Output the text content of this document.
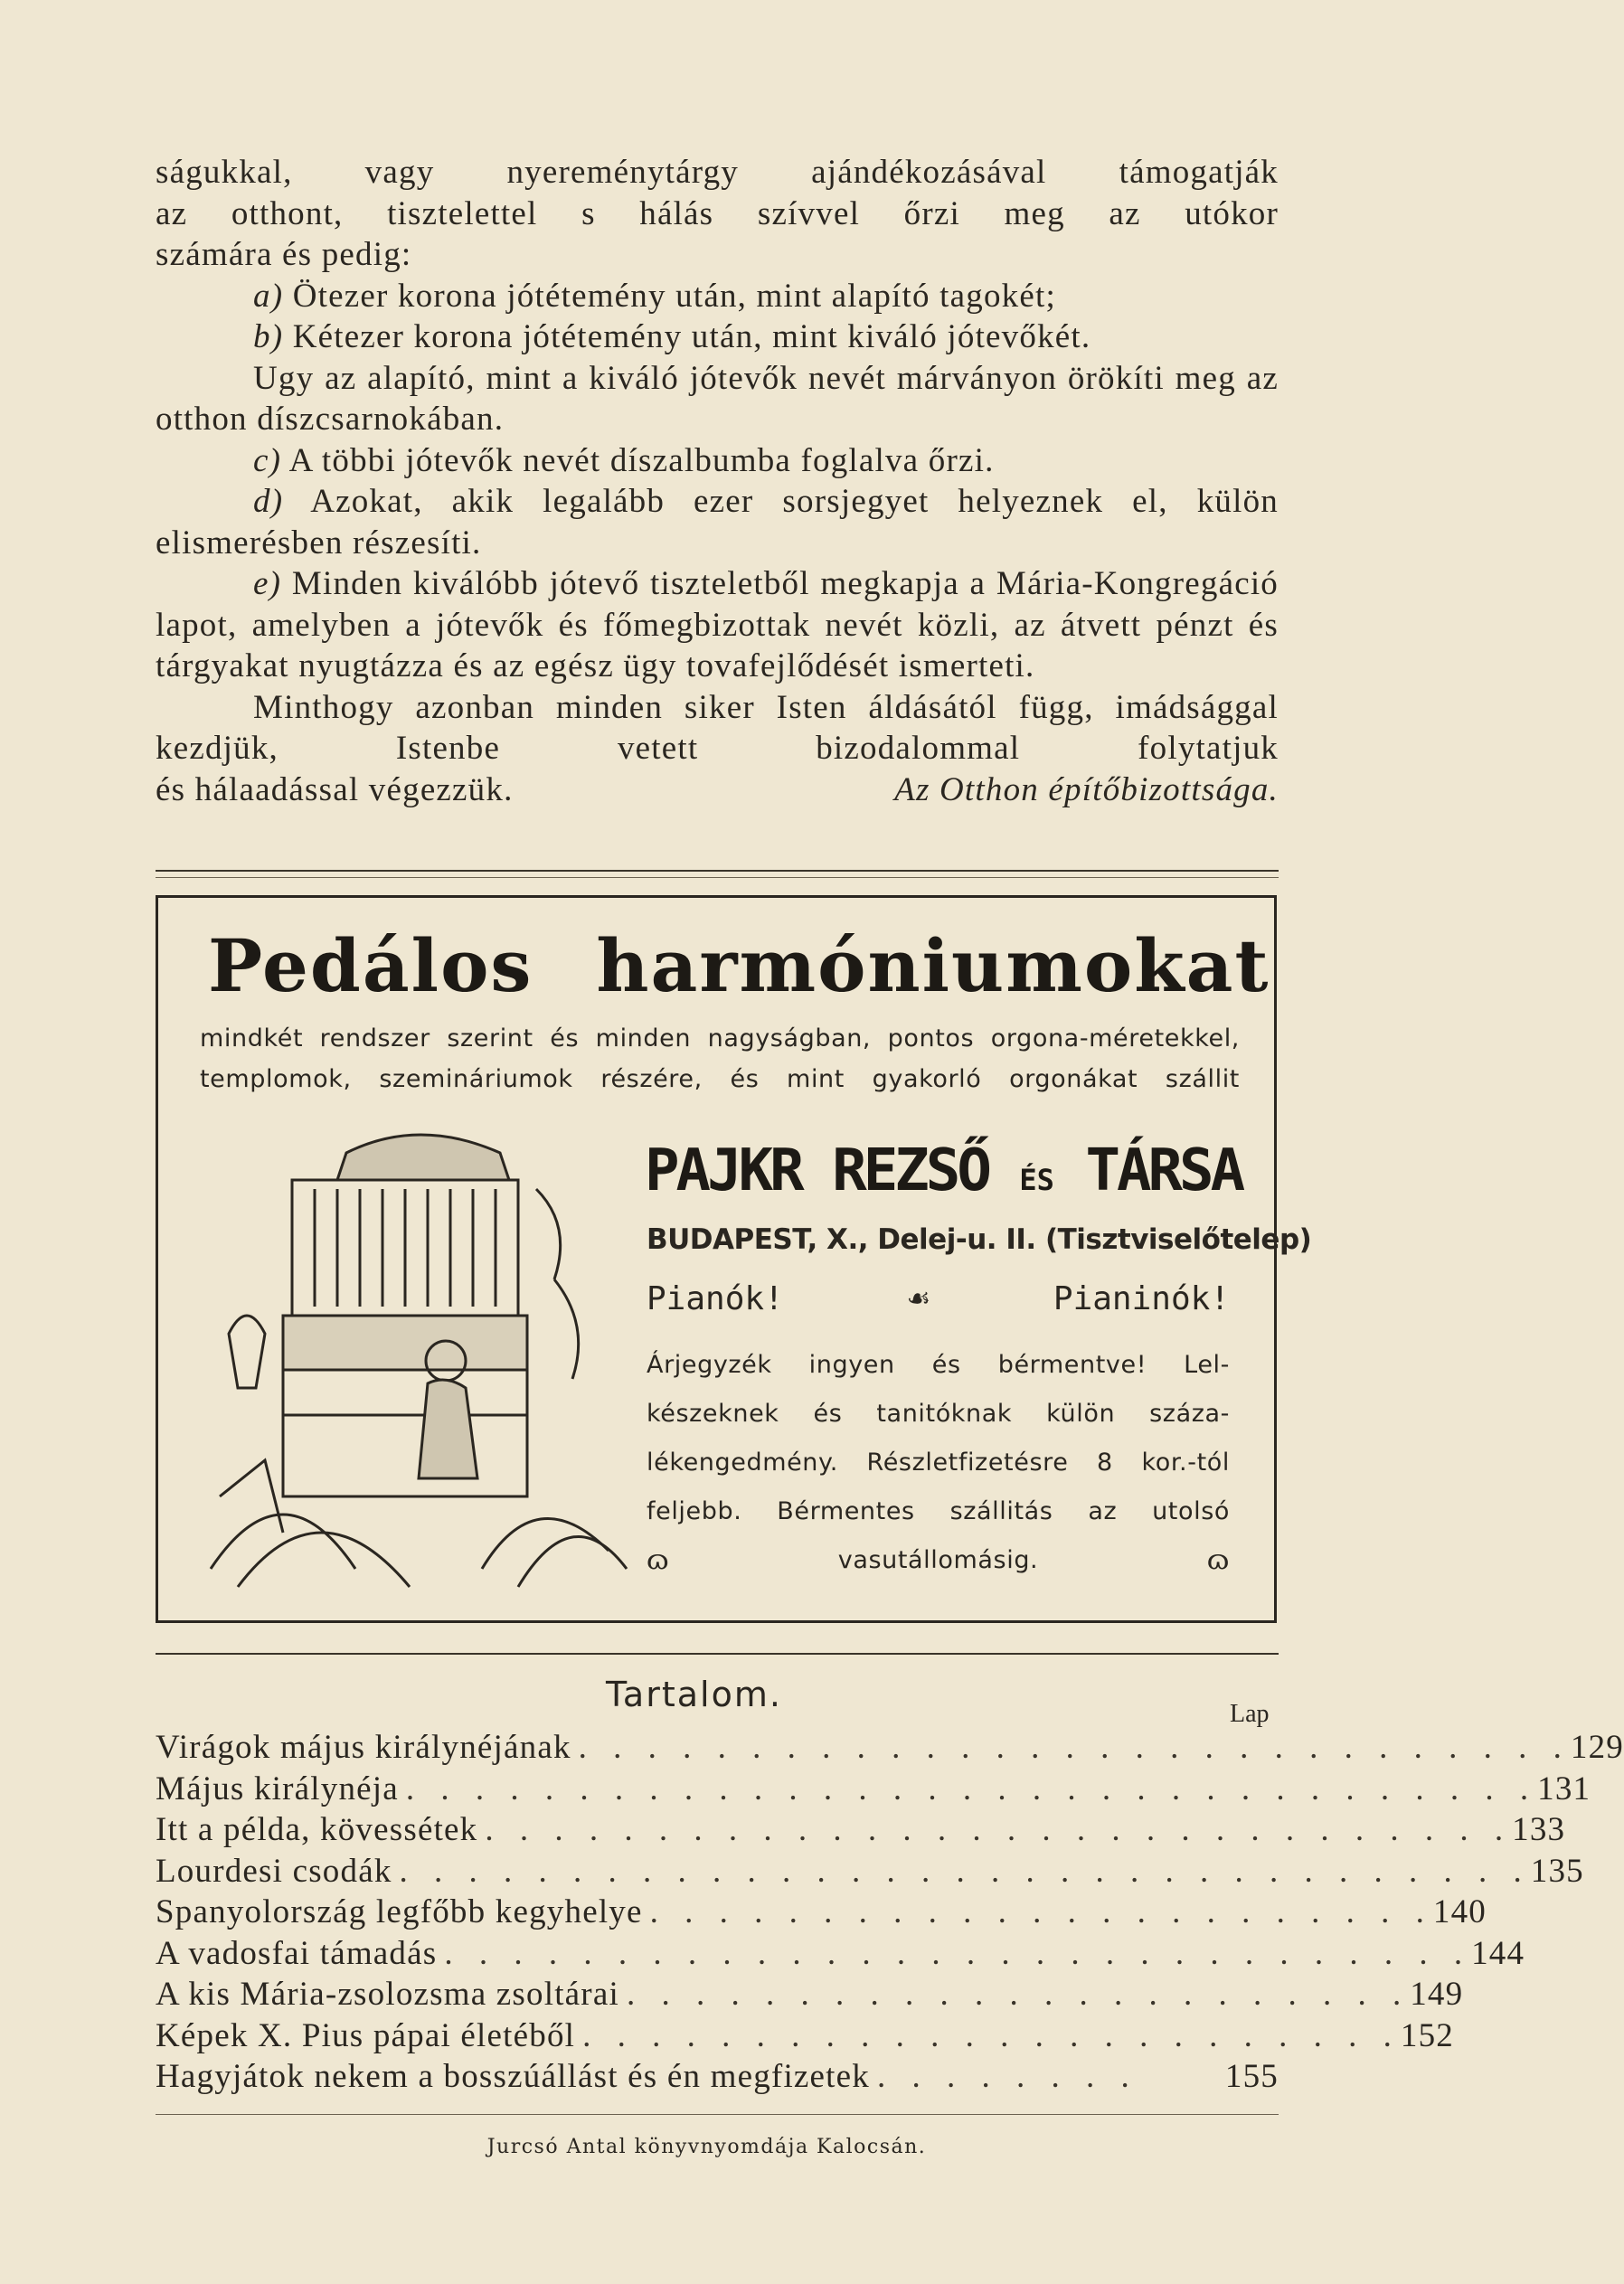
ságukkal, vagy nyereménytárgy ajándékozásával támogatják
az otthont, tisztelettel s hálás szívvel őrzi meg az utókor
számára és pedig:
a) Ötezer korona jótétemény után, mint alapító tagokét;
b) Kétezer korona jótétemény után, mint kiváló jótevőkét.
Ugy az alapító, mint a kiváló jótevők nevét márványon örökíti meg az otthon díszcsarnokában.
c) A többi jótevők nevét díszalbumba foglalva őrzi.
d) Azokat, akik legalább ezer sorsjegyet helyeznek el, külön elismerésben részesíti.
e) Minden kiválóbb jótevő tiszteletből megkapja a Mária-Kongregáció lapot, amelyben a jótevők és főmegbizottak nevét közli, az átvett pénzt és tárgyakat nyugtázza és az egész ügy tovafejlődését ismerteti.
Minthogy azonban minden siker Isten áldásától függ, imádsággal kezdjük, Istenbe vetett bizodalommal folytatjuk
és hálaadással végezzük.	Az Otthon építőbizottsága.
Pedálos harmóniumokat
mindkét rendszer szerint és minden nagyságban, pontos orgona-méretekkel,
templomok, szemináriumok részére, és mint gyakorló orgonákat szállit
PAJKR REZSŐ ÉS TÁRSA
BUDAPEST, X., Delej-u. II. (Tisztviselőtelep)
Pianók!	☙	Pianinók!
Árjegyzék ingyen és bérmentve! Lel-
készeknek és tanitóknak külön száza-
lékengedmény. Részletfizetésre 8 kor.-tól
feljebb. Bérmentes szállitás az utolsó
ɷ	vasutállomásig.	ɷ
Tartalom.	Lap
Virágok május királynéjának . . . . . . . . . . . . . . . . . . . . . . . . . . . . . 129
Május királynéja . . . . . . . . . . . . . . . . . . . . . . . . . . . . . . . . . 131
Itt a példa, kövessétek . . . . . . . . . . . . . . . . . . . . . . . . . . . . . . 133
Lourdesi csodák . . . . . . . . . . . . . . . . . . . . . . . . . . . . . . . . . 135
Spanyolország legfőbb kegyhelye . . . . . . . . . . . . . . . . . . . . . . . 140
A vadosfai támadás . . . . . . . . . . . . . . . . . . . . . . . . . . . . . . 144
A kis Mária-zsolozsma zsoltárai . . . . . . . . . . . . . . . . . . . . . . . 149
Képek X. Pius pápai életéből . . . . . . . . . . . . . . . . . . . . . . . . 152
Hagyjátok nekem a bosszúállást és én megfizetek . . . . . . . .	155
Jurcsó Antal könyvnyomdája Kalocsán.
